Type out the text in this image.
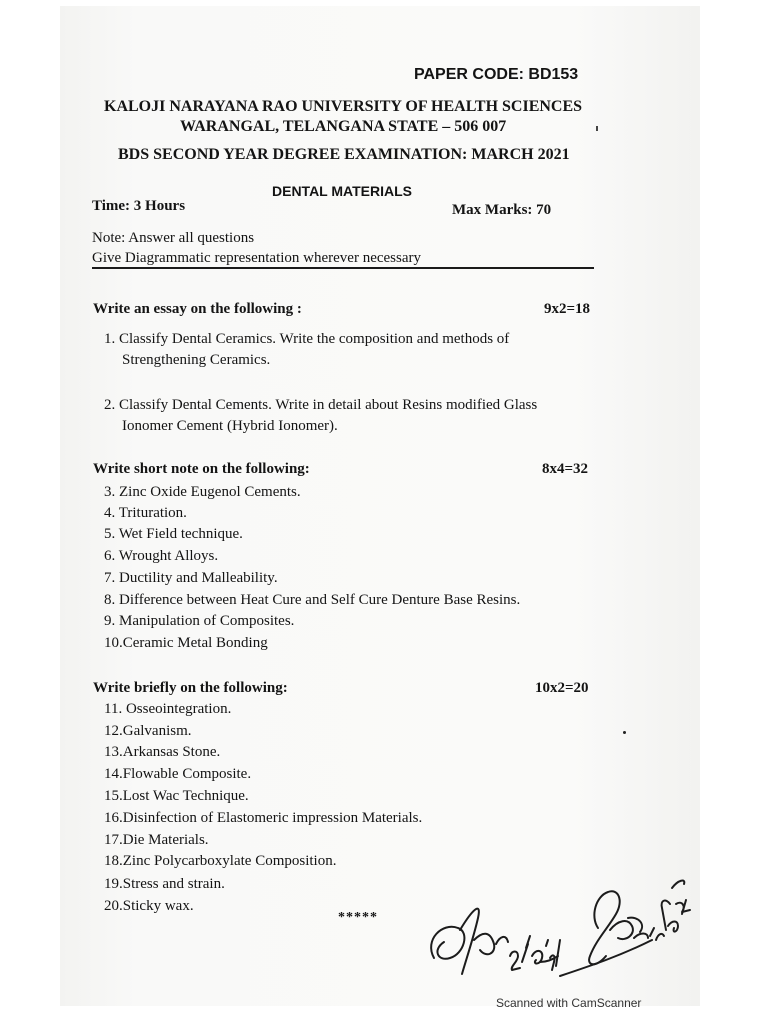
PAPER CODE: BD153
KALOJI NARAYANA RAO UNIVERSITY OF HEALTH SCIENCES
WARANGAL, TELANGANA STATE – 506 007
BDS SECOND YEAR DEGREE EXAMINATION: MARCH 2021
DENTAL MATERIALS
Time: 3 Hours	Max Marks: 70
Note: Answer all questions
Give Diagrammatic representation wherever necessary
Write an essay on the following :	9x2=18
1. Classify Dental Ceramics. Write the composition and methods of
Strengthening Ceramics.
2. Classify Dental Cements. Write in detail about Resins modified Glass
Ionomer Cement (Hybrid Ionomer).
Write short note on the following:	8x4=32
3. Zinc Oxide Eugenol Cements.
4. Trituration.
5. Wet Field technique.
6. Wrought Alloys.
7. Ductility and Malleability.
8. Difference between Heat Cure and Self Cure Denture Base Resins.
9. Manipulation of Composites.
10.Ceramic Metal Bonding
Write briefly on the following:	10x2=20
11. Osseointegration.
12.Galvanism.
13.Arkansas Stone.
14.Flowable Composite.
15.Lost Wac Technique.
16.Disinfection of Elastomeric impression Materials.
17.Die Materials.
18.Zinc Polycarboxylate Composition.
19.Stress and strain.
20.Sticky wax.
*****
Scanned with CamScanner
